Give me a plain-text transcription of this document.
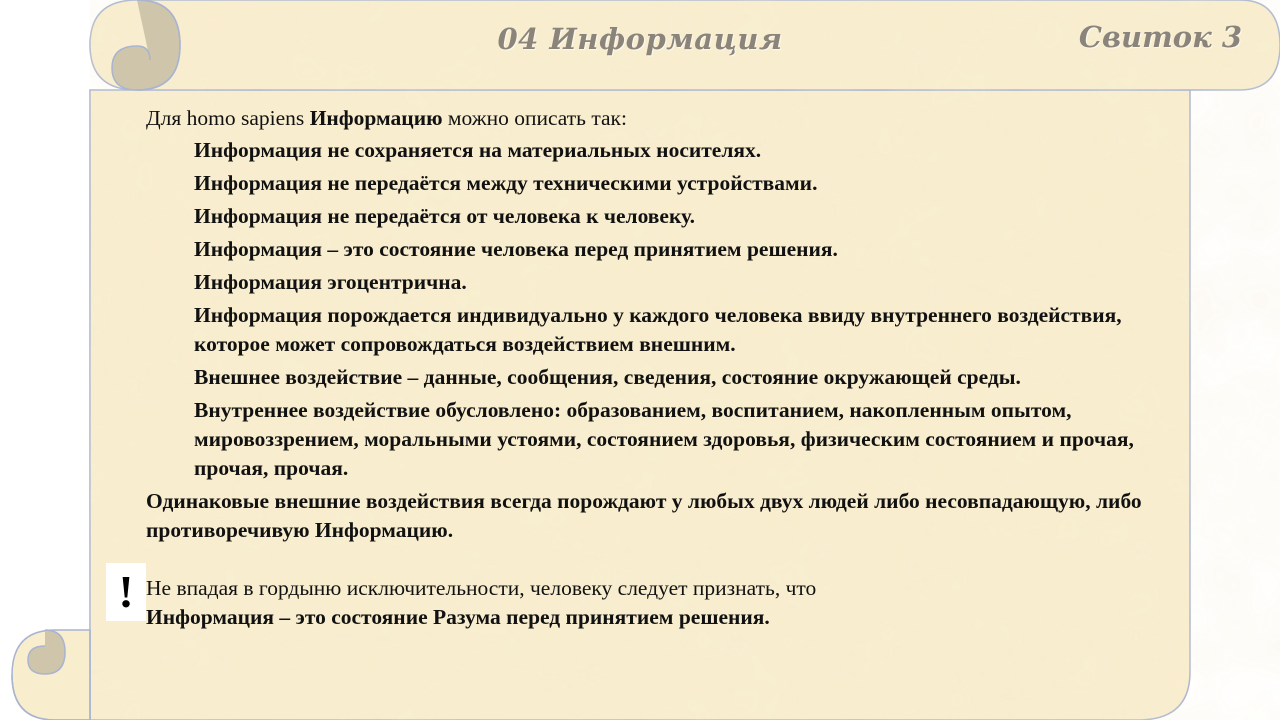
04 Информация	Свиток 3

Для homo sapiens Информацию можно описать так:

Информация не сохраняется на материальных носителях.
Информация не передаётся между техническими устройствами.
Информация не передаётся от человека к человеку.
Информация – это состояние человека перед принятием решения.
Информация эгоцентрична.
Информация порождается индивидуально у каждого человека ввиду внутреннего воздействия, которое может сопровождаться воздействием внешним.
Внешнее воздействие – данные, сообщения, сведения, состояние окружающей среды.
Внутреннее воздействие обусловлено: образованием, воспитанием, накопленным опытом, мировоззрением, моральными устоями, состоянием здоровья, физическим состоянием и прочая, прочая, прочая.

Одинаковые внешние воздействия всегда порождают у любых двух людей либо несовпадающую, либо противоречивую Информацию.

Не впадая в гордыню исключительности, человеку следует признать, что

Информация – это состояние Разума перед принятием решения.

!
